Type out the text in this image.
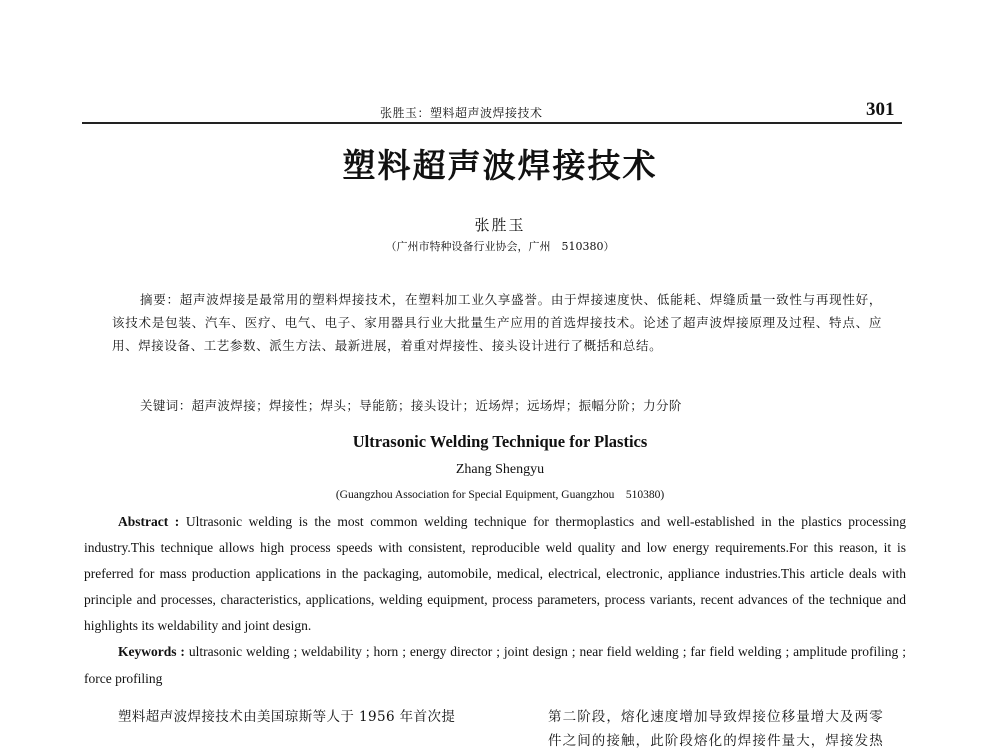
张胜玉：塑料超声波焊接技术	301
塑料超声波焊接技术
张胜玉
（广州市特种设备行业协会，广州　510380）
摘要：超声波焊接是最常用的塑料焊接技术，在塑料加工业久享盛誉。由于焊接速度快、低能耗、焊缝质量一致性与再现性好，该技术是包装、汽车、医疗、电气、电子、家用器具行业大批量生产应用的首选焊接技术。论述了超声波焊接原理及过程、特点、应用、焊接设备、工艺参数、派生方法、最新进展，着重对焊接性、接头设计进行了概括和总结。
关键词：超声波焊接；焊接性；焊头；导能筋；接头设计；近场焊；远场焊；振幅分阶；力分阶
Ultrasonic Welding Technique for Plastics
Zhang Shengyu
(Guangzhou Association for Special Equipment, Guangzhou　510380)
Abstract : Ultrasonic welding is the most common welding technique for thermoplastics and well-established in the plastics processing industry.This technique allows high process speeds with consistent, reproducible weld quality and low energy requirements.For this reason, it is preferred for mass production applications in the packaging, automobile, medical, electrical, electronic, appliance industries.This article deals with principle and processes, characteristics, applications, welding equipment, process parameters, process variants, recent advances of the technique and highlights its weldability and joint design.
Keywords : ultrasonic welding ; weldability ; horn ; energy director ; joint design ; near field welding ; far field welding ; amplitude profiling ; force profiling
塑料超声波焊接技术由美国琼斯等人于 1956 年首次提	第二阶段，熔化速度增加导致焊接位移量增大及两零
件之间的接触，此阶段熔化的焊接件量大，焊接发热
